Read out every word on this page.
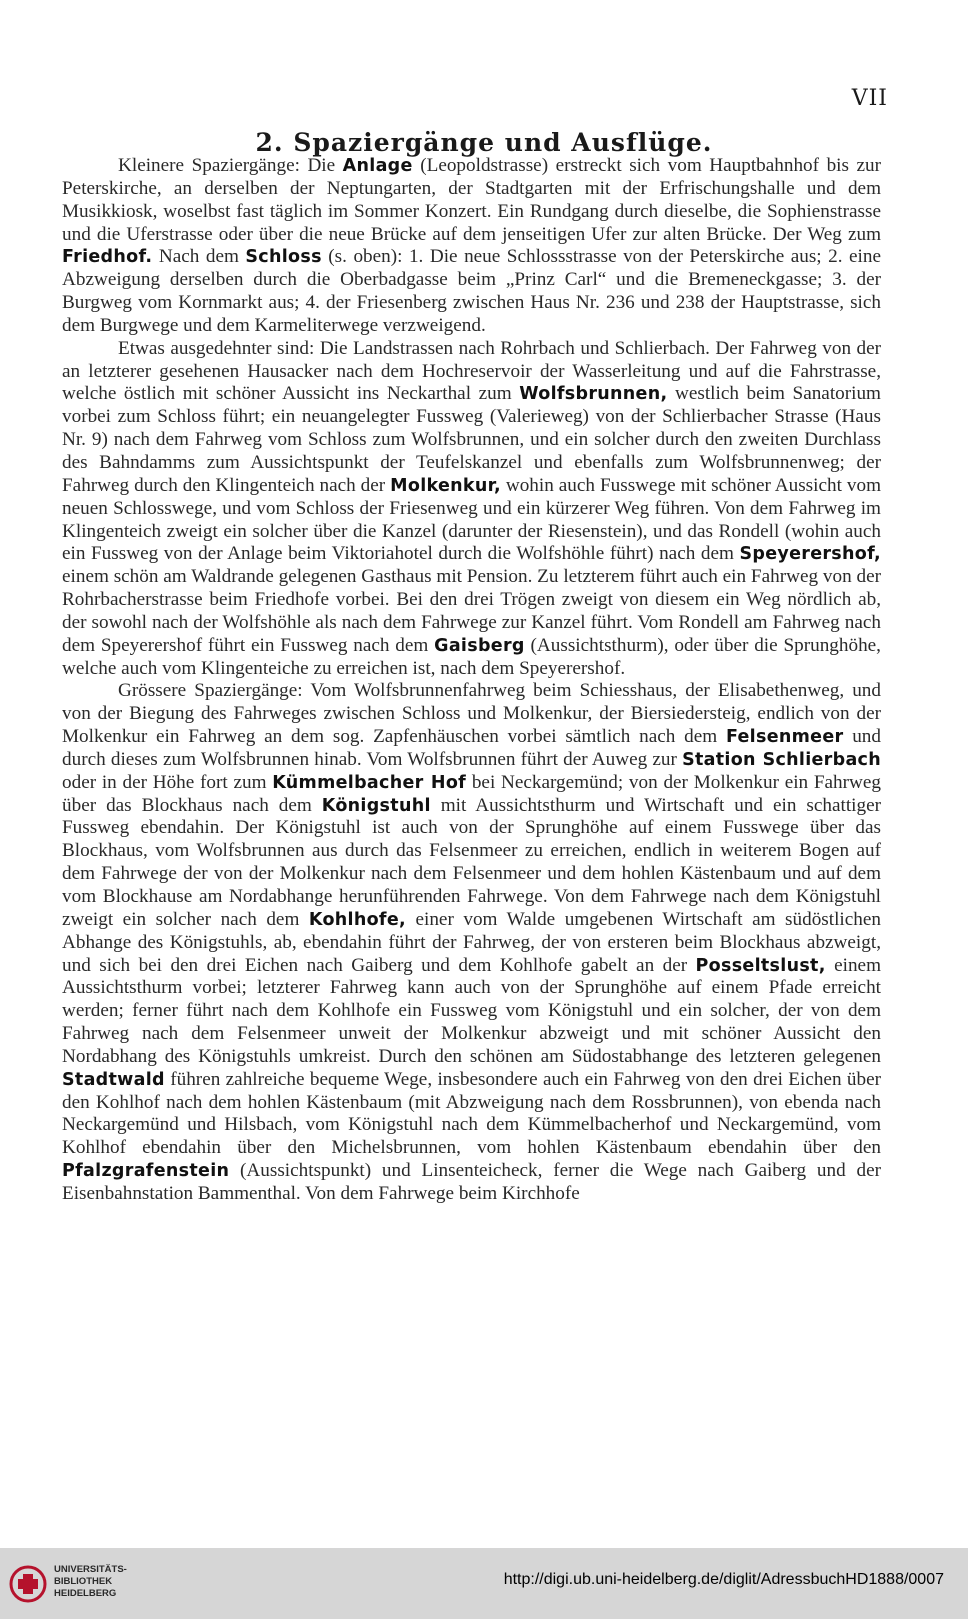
VII
2. Spaziergänge und Ausflüge.

Kleinere Spaziergänge: Die Anlage (Leopoldstrasse) erstreckt sich vom Hauptbahnhof bis zur Peterskirche, an derselben der Neptungarten, der Stadtgarten mit der Erfrischungshalle und dem Musikkiosk, woselbst fast täglich im Sommer Konzert. Ein Rundgang durch dieselbe, die Sophienstrasse und die Uferstrasse oder über die neue Brücke auf dem jenseitigen Ufer zur alten Brücke. Der Weg zum Friedhof. Nach dem Schloss (s. oben): 1. Die neue Schlossstrasse von der Peterskirche aus; 2. eine Abzweigung derselben durch die Oberbadgasse beim „Prinz Carl“ und die Bremeneckgasse; 3. der Burgweg vom Kornmarkt aus; 4. der Friesenberg zwischen Haus Nr. 236 und 238 der Hauptstrasse, sich dem Burgwege und dem Karmeliterwege verzweigend.

Etwas ausgedehnter sind: Die Landstrassen nach Rohrbach und Schlierbach. Der Fahrweg von der an letzterer gesehenen Hausacker nach dem Hochreservoir der Wasserleitung und auf die Fahrstrasse, welche östlich mit schöner Aussicht ins Neckarthal zum Wolfsbrunnen, westlich beim Sanatorium vorbei zum Schloss führt; ein neuangelegter Fussweg (Valerieweg) von der Schlierbacher Strasse (Haus Nr. 9) nach dem Fahrweg vom Schloss zum Wolfsbrunnen, und ein solcher durch den zweiten Durchlass des Bahndamms zum Aussichtspunkt der Teufelskanzel und ebenfalls zum Wolfsbrunnenweg; der Fahrweg durch den Klingenteich nach der Molkenkur, wohin auch Fusswege mit schöner Aussicht vom neuen Schlosswege, und vom Schloss der Friesenweg und ein kürzerer Weg führen. Von dem Fahrweg im Klingenteich zweigt ein solcher über die Kanzel (darunter der Riesenstein), und das Rondell (wohin auch ein Fussweg von der Anlage beim Viktoriahotel durch die Wolfshöhle führt) nach dem Speyerershof, einem schön am Waldrande gelegenen Gasthaus mit Pension. Zu letzterem führt auch ein Fahrweg von der Rohrbacherstrasse beim Friedhofe vorbei. Bei den drei Trögen zweigt von diesem ein Weg nördlich ab, der sowohl nach der Wolfshöhle als nach dem Fahrwege zur Kanzel führt. Vom Rondell am Fahrweg nach dem Speyerershof führt ein Fussweg nach dem Gaisberg (Aussichtsthurm), oder über die Sprunghöhe, welche auch vom Klingenteiche zu erreichen ist, nach dem Speyerershof.

Grössere Spaziergänge: Vom Wolfsbrunnenfahrweg beim Schiesshaus, der Elisabethenweg, und von der Biegung des Fahrweges zwischen Schloss und Molkenkur, der Biersiedersteig, endlich von der Molkenkur ein Fahrweg an dem sog. Zapfenhäuschen vorbei sämtlich nach dem Felsenmeer und durch dieses zum Wolfsbrunnen hinab. Vom Wolfsbrunnen führt der Auweg zur Station Schlierbach oder in der Höhe fort zum Kümmelbacher Hof bei Neckargemünd; von der Molkenkur ein Fahrweg über das Blockhaus nach dem Königstuhl mit Aussichtsthurm und Wirtschaft und ein schattiger Fussweg ebendahin. Der Königstuhl ist auch von der Sprunghöhe auf einem Fusswege über das Blockhaus, vom Wolfsbrunnen aus durch das Felsenmeer zu erreichen, endlich in weiterem Bogen auf dem Fahrwege der von der Molkenkur nach dem Felsenmeer und dem hohlen Kästenbaum und auf dem vom Blockhause am Nordabhange herunführenden Fahrwege. Von dem Fahrwege nach dem Königstuhl zweigt ein solcher nach dem Kohlhofe, einer vom Walde umgebenen Wirtschaft am südöstlichen Abhange des Königstuhls, ab, ebendahin führt der Fahrweg, der von ersteren beim Blockhaus abzweigt, und sich bei den drei Eichen nach Gaiberg und dem Kohlhofe gabelt an der Posseltslust, einem Aussichtsthurm vorbei; letzterer Fahrweg kann auch von der Sprunghöhe auf einem Pfade erreicht werden; ferner führt nach dem Kohlhofe ein Fussweg vom Königstuhl und ein solcher, der von dem Fahrweg nach dem Felsenmeer unweit der Molkenkur abzweigt und mit schöner Aussicht den Nordabhang des Königstuhls umkreist. Durch den schönen am Südostabhange des letzteren gelegenen Stadtwald führen zahlreiche bequeme Wege, insbesondere auch ein Fahrweg von den drei Eichen über den Kohlhof nach dem hohlen Kästenbaum (mit Abzweigung nach dem Rossbrunnen), von ebenda nach Neckargemünd und Hilsbach, vom Königstuhl nach dem Kümmelbacherhof und Neckargemünd, vom Kohlhof ebendahin über den Michelsbrunnen, vom hohlen Kästenbaum ebendahin über den Pfalzgrafenstein (Aussichtspunkt) und Linsenteicheck, ferner die Wege nach Gaiberg und der Eisenbahnstation Bammenthal. Von dem Fahrwege beim Kirchhofe

UNIVERSITÄTS-
BIBLIOTHEK
HEIDELBERG
http://digi.ub.uni-heidelberg.de/diglit/AdressbuchHD1888/0007
